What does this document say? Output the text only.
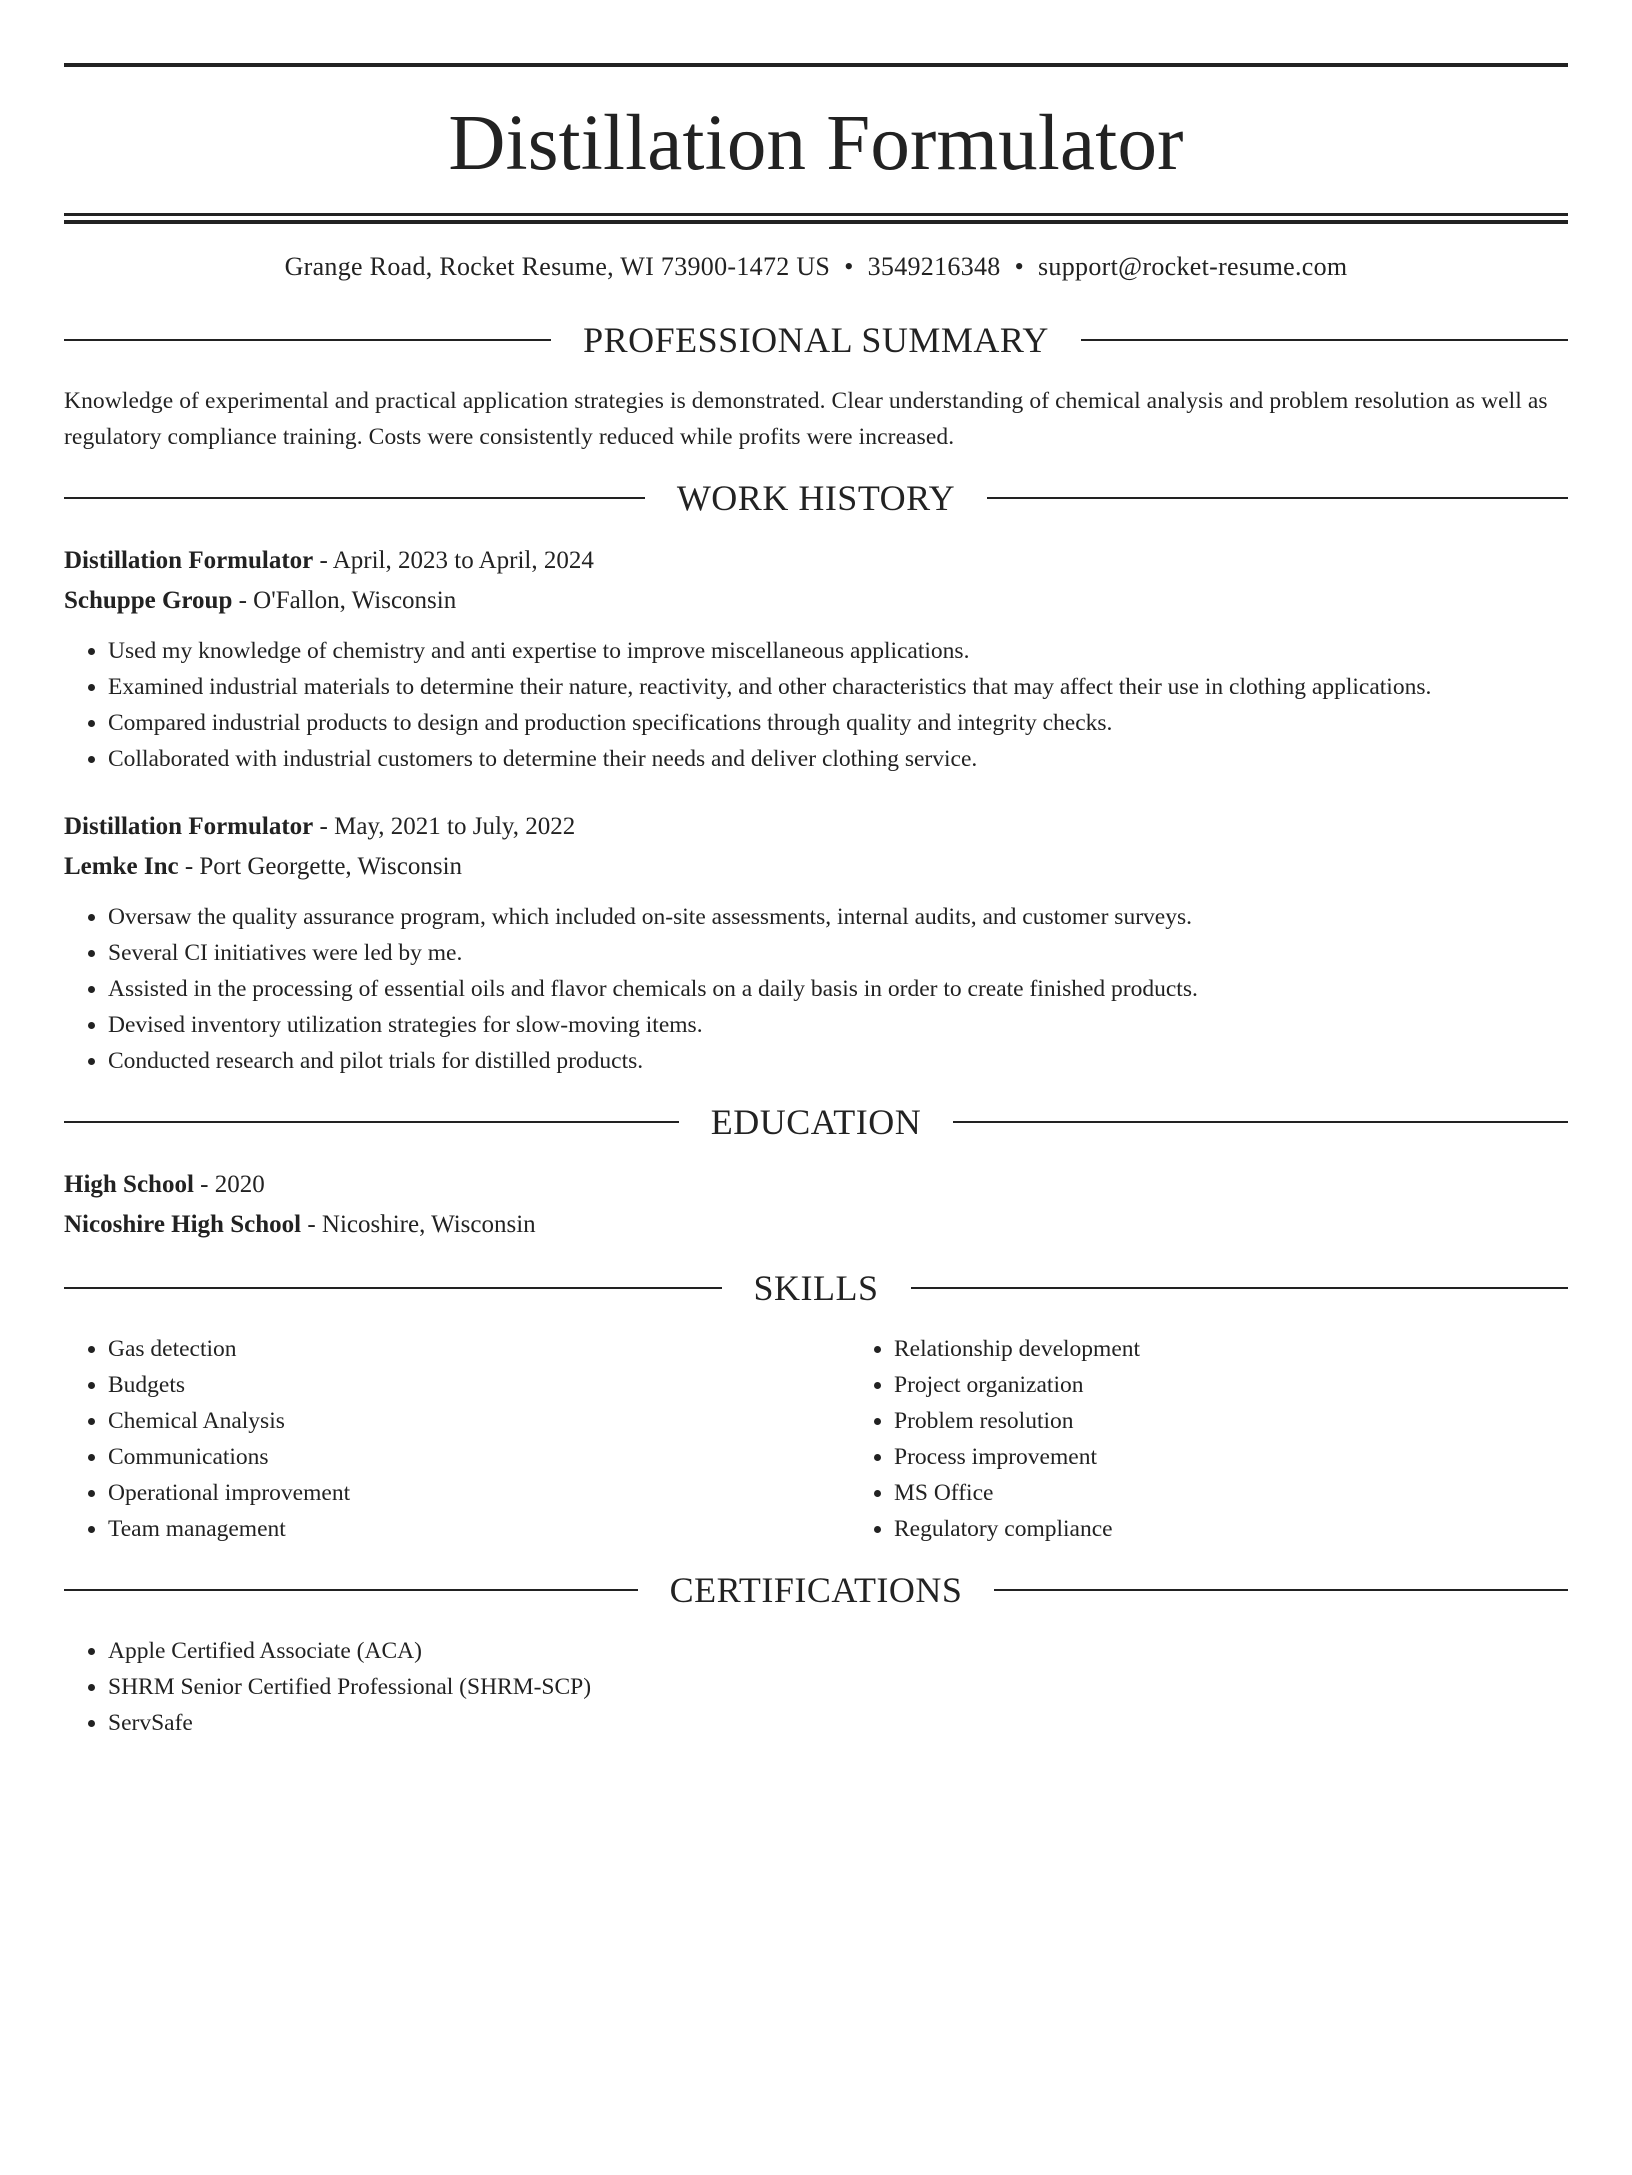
Distillation Formulator
Grange Road, Rocket Resume, WI 73900-1472 US • 3549216348 • support@rocket-resume.com
PROFESSIONAL SUMMARY
Knowledge of experimental and practical application strategies is demonstrated. Clear understanding of chemical analysis and problem resolution as well as regulatory compliance training. Costs were consistently reduced while profits were increased.
WORK HISTORY
Distillation Formulator - April, 2023 to April, 2024
Schuppe Group - O'Fallon, Wisconsin
• Used my knowledge of chemistry and anti expertise to improve miscellaneous applications.
• Examined industrial materials to determine their nature, reactivity, and other characteristics that may affect their use in clothing applications.
• Compared industrial products to design and production specifications through quality and integrity checks.
• Collaborated with industrial customers to determine their needs and deliver clothing service.
Distillation Formulator - May, 2021 to July, 2022
Lemke Inc - Port Georgette, Wisconsin
• Oversaw the quality assurance program, which included on-site assessments, internal audits, and customer surveys.
• Several CI initiatives were led by me.
• Assisted in the processing of essential oils and flavor chemicals on a daily basis in order to create finished products.
• Devised inventory utilization strategies for slow-moving items.
• Conducted research and pilot trials for distilled products.
EDUCATION
High School - 2020
Nicoshire High School - Nicoshire, Wisconsin
SKILLS
• Gas detection
• Budgets
• Chemical Analysis
• Communications
• Operational improvement
• Team management
• Relationship development
• Project organization
• Problem resolution
• Process improvement
• MS Office
• Regulatory compliance
CERTIFICATIONS
• Apple Certified Associate (ACA)
• SHRM Senior Certified Professional (SHRM-SCP)
• ServSafe
